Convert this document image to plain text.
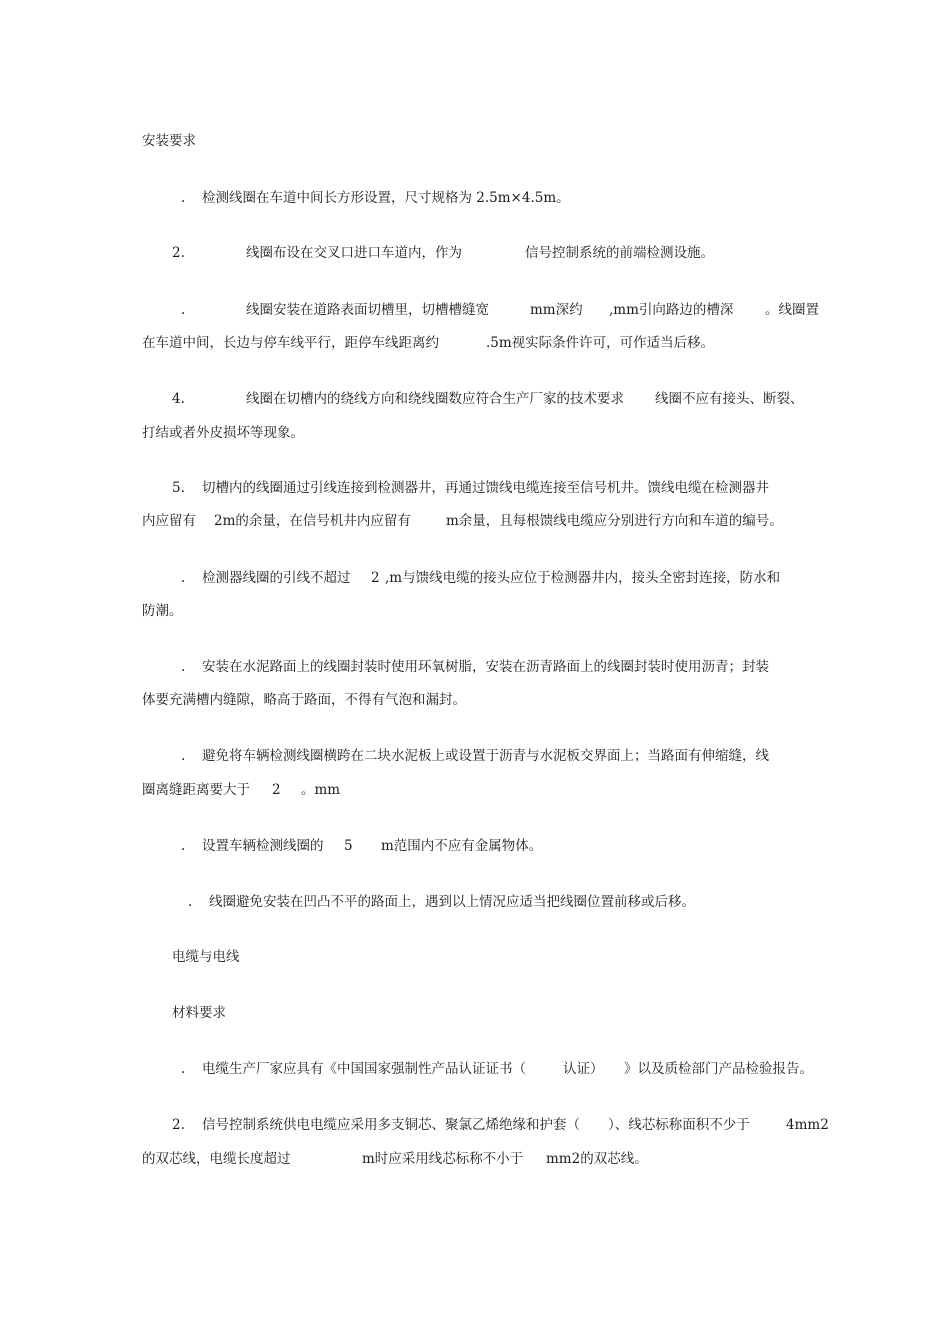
安装要求
. 检测线圈在车道中间长方形设置，尺寸规格为 2.5m×4.5m。
2.	线圈布设在交叉口进口车道内，作为	信号控制系统的前端检测设施。
.	线圈安装在道路表面切槽里，切槽槽缝宽	mm深约 ,mm引向路边的槽深 。线圈置
在车道中间，长边与停车线平行，距停车线距离约	.5m视实际条件许可，可作适当后移。
4.	线圈在切槽内的绕线方向和绕线圈数应符合生产厂家的技术要求 线圈不应有接头、断裂、
打结或者外皮损坏等现象。
5. 切槽内的线圈通过引线连接到检测器井，再通过馈线电缆连接至信号机井。馈线电缆在检测器井
内应留有 2m的余量，在信号机井内应留有	m余量，且每根馈线电缆应分别进行方向和车道的编号。
. 检测器线圈的引线不超过 2 ,m与馈线电缆的接头应位于检测器井内，接头全密封连接，防水和
防潮。
. 安装在水泥路面上的线圈封装时使用环氧树脂，安装在沥青路面上的线圈封装时使用沥青；封装
体要充满槽内缝隙，略高于路面，不得有气泡和漏封。
. 避免将车辆检测线圈横跨在二块水泥板上或设置于沥青与水泥板交界面上；当路面有伸缩缝，线
圈离缝距离要大于 2 。mm
. 设置车辆检测线圈的 5 m范围内不应有金属物体。
. 线圈避免安装在凹凸不平的路面上，遇到以上情况应适当把线圈位置前移或后移。
电缆与电线
材料要求
. 电缆生产厂家应具有《中国国家强制性产品认证证书（	认证） 》以及质检部门产品检验报告。
2. 信号控制系统供电电缆应采用多支铜芯、聚氯乙烯绝缘和护套（ ）、线芯标称面积不少于	4mm2
的双芯线，电缆长度超过	m时应采用线芯标称不小于 mm2的双芯线。
